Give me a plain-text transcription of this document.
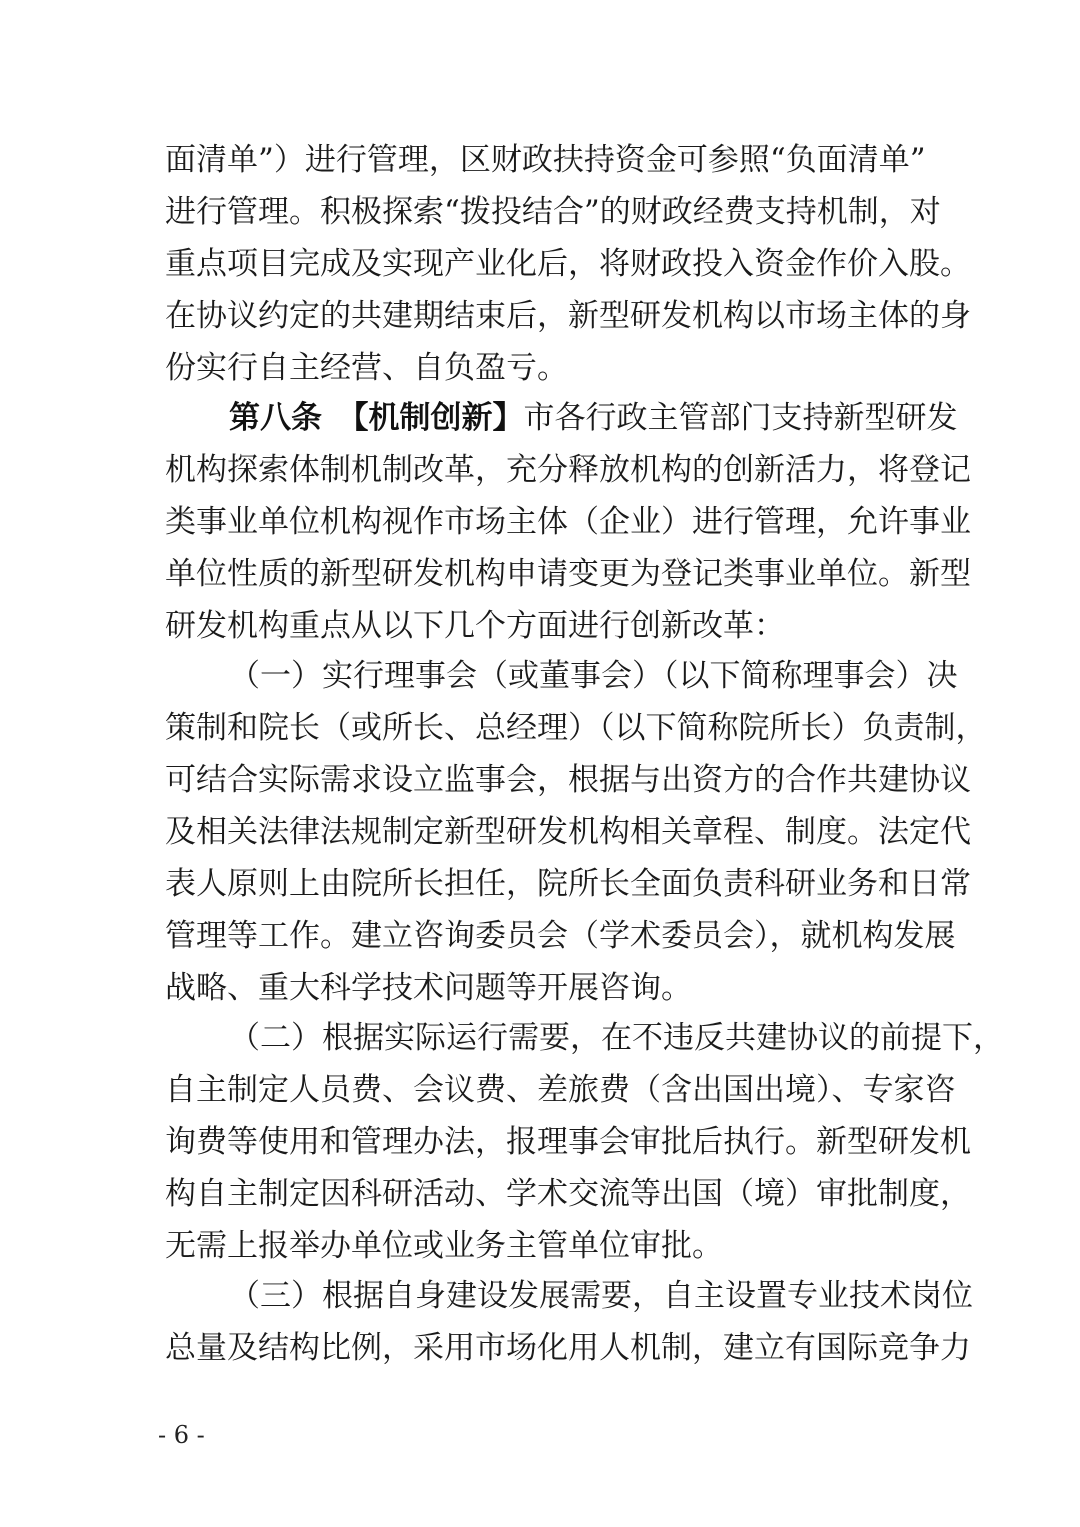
面清单”）进行管理，区财政扶持资金可参照“负面清单”
进行管理。积极探索“拨投结合”的财政经费支持机制，对
重点项目完成及实现产业化后，将财政投入资金作价入股。
在协议约定的共建期结束后，新型研发机构以市场主体的身
份实行自主经营、自负盈亏。
第八条　【机制创新】市各行政主管部门支持新型研发
机构探索体制机制改革，充分释放机构的创新活力，将登记
类事业单位机构视作市场主体（企业）进行管理，允许事业
单位性质的新型研发机构申请变更为登记类事业单位。新型
研发机构重点从以下几个方面进行创新改革：
（一）实行理事会（或董事会）（以下简称理事会）决
策制和院长（或所长、总经理）（以下简称院所长）负责制，
可结合实际需求设立监事会，根据与出资方的合作共建协议
及相关法律法规制定新型研发机构相关章程、制度。法定代
表人原则上由院所长担任，院所长全面负责科研业务和日常
管理等工作。建立咨询委员会（学术委员会），就机构发展
战略、重大科学技术问题等开展咨询。
（二）根据实际运行需要，在不违反共建协议的前提下，
自主制定人员费、会议费、差旅费（含出国出境）、专家咨
询费等使用和管理办法，报理事会审批后执行。新型研发机
构自主制定因科研活动、学术交流等出国（境）审批制度，
无需上报举办单位或业务主管单位审批。
（三）根据自身建设发展需要，自主设置专业技术岗位
总量及结构比例，采用市场化用人机制，建立有国际竞争力
- 6 -
